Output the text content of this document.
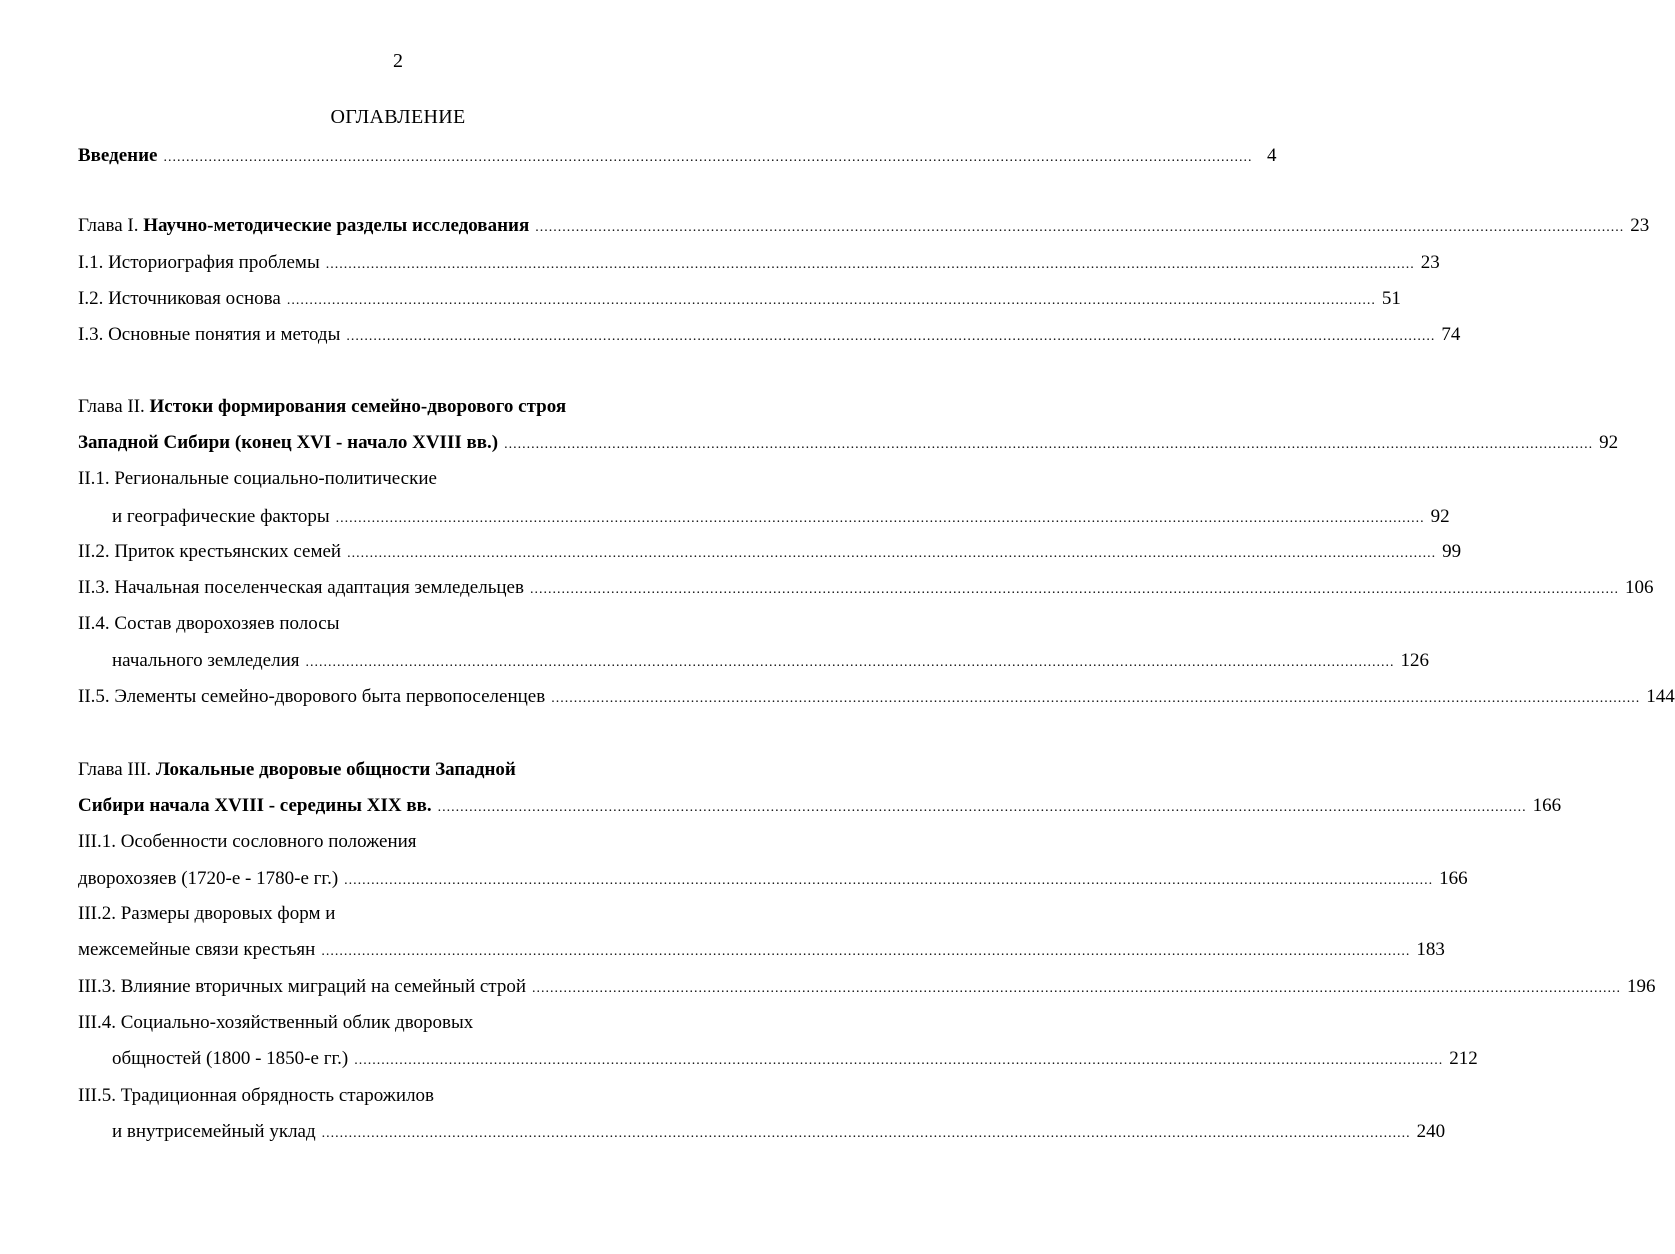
2
ОГЛАВЛЕНИЕ
Введение .................................................................................................................................................................................................................................................. 4
Глава I. Научно-методические разделы исследования .................................................................................................................................................................................................................................................. 23
I.1. Историография проблемы .................................................................................................................................................................................................................................................. 23
I.2. Источниковая основа .................................................................................................................................................................................................................................................. 51
I.3. Основные понятия и методы .................................................................................................................................................................................................................................................. 74
Глава II. Истоки формирования семейно-дворового строя
Западной Сибири (конец XVI - начало XVIII вв.) .................................................................................................................................................................................................................................................. 92
II.1. Региональные социально-политические
и географические факторы .................................................................................................................................................................................................................................................. 92
II.2. Приток крестьянских семей .................................................................................................................................................................................................................................................. 99
II.3. Начальная поселенческая адаптация земледельцев .................................................................................................................................................................................................................................................. 106
II.4. Состав дворохозяев полосы
начального земледелия .................................................................................................................................................................................................................................................. 126
II.5. Элементы семейно-дворового быта первопоселенцев .................................................................................................................................................................................................................................................. 144
Глава III. Локальные дворовые общности Западной
Сибири начала XVIII - середины XIX вв. .................................................................................................................................................................................................................................................. 166
III.1. Особенности сословного положения
дворохозяев (1720-е - 1780-е гг.) .................................................................................................................................................................................................................................................. 166
III.2. Размеры дворовых форм и
межсемейные связи крестьян .................................................................................................................................................................................................................................................. 183
III.3. Влияние вторичных миграций на семейный строй .................................................................................................................................................................................................................................................. 196
III.4. Социально-хозяйственный облик дворовых
общностей (1800 - 1850-е гг.) .................................................................................................................................................................................................................................................. 212
III.5. Традиционная обрядность старожилов
и внутрисемейный уклад .................................................................................................................................................................................................................................................. 240
